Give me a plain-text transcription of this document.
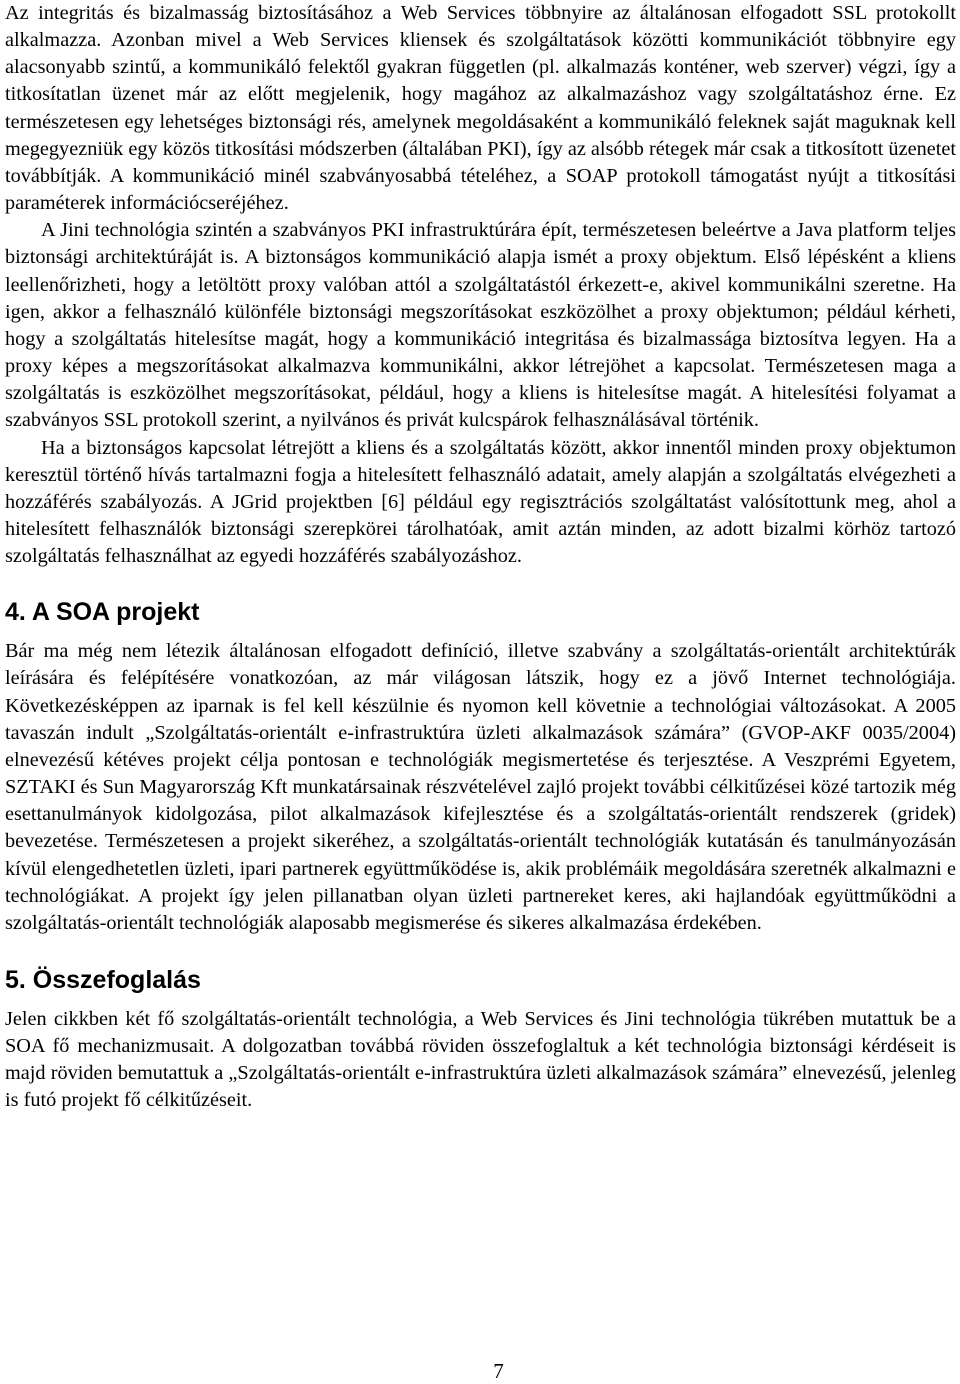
Az integritás és bizalmasság biztosításához a Web Services többnyire az általánosan elfogadott SSL protokollt alkalmazza. Azonban mivel a Web Services kliensek és szolgáltatások közötti kommunikációt többnyire egy alacsonyabb szintű, a kommunikáló felektől gyakran független (pl. alkalmazás konténer, web szerver) végzi, így a titkosítatlan üzenet már az előtt megjelenik, hogy magához az alkalmazáshoz vagy szolgáltatáshoz érne. Ez természetesen egy lehetséges biztonsági rés, amelynek megoldásaként a kommunikáló feleknek saját maguknak kell megegyezniük egy közös titkosítási módszerben (általában PKI), így az alsóbb rétegek már csak a titkosított üzenetet továbbítják. A kommunikáció minél szabványosabbá tételéhez, a SOAP protokoll támogatást nyújt a titkosítási paraméterek információcseréjéhez.

A Jini technológia szintén a szabványos PKI infrastruktúrára épít, természetesen beleértve a Java platform teljes biztonsági architektúráját is. A biztonságos kommunikáció alapja ismét a proxy objektum. Első lépésként a kliens leellenőrizheti, hogy a letöltött proxy valóban attól a szolgáltatástól érkezett-e, akivel kommunikálni szeretne. Ha igen, akkor a felhasználó különféle biztonsági megszorításokat eszközölhet a proxy objektumon; például kérheti, hogy a szolgáltatás hitelesítse magát, hogy a kommunikáció integritása és bizalmassága biztosítva legyen. Ha a proxy képes a megszorításokat alkalmazva kommunikálni, akkor létrejöhet a kapcsolat. Természetesen maga a szolgáltatás is eszközölhet megszorításokat, például, hogy a kliens is hitelesítse magát. A hitelesítési folyamat a szabványos SSL protokoll szerint, a nyilvános és privát kulcspárok felhasználásával történik.

Ha a biztonságos kapcsolat létrejött a kliens és a szolgáltatás között, akkor innentől minden proxy objektumon keresztül történő hívás tartalmazni fogja a hitelesített felhasználó adatait, amely alapján a szolgáltatás elvégezheti a hozzáférés szabályozás. A JGrid projektben [6] például egy regisztrációs szolgáltatást valósítottunk meg, ahol a hitelesített felhasználók biztonsági szerepkörei tárolhatóak, amit aztán minden, az adott bizalmi körhöz tartozó szolgáltatás felhasználhat az egyedi hozzáférés szabályozáshoz.

4. A SOA projekt

Bár ma még nem létezik általánosan elfogadott definíció, illetve szabvány a szolgáltatás-orientált architektúrák leírására és felépítésére vonatkozóan, az már világosan látszik, hogy ez a jövő Internet technológiája. Következésképpen az iparnak is fel kell készülnie és nyomon kell követnie a technológiai változásokat. A 2005 tavaszán indult „Szolgáltatás-orientált e-infrastruktúra üzleti alkalmazások számára” (GVOP-AKF 0035/2004) elnevezésű kétéves projekt célja pontosan e technológiák megismertetése és terjesztése. A Veszprémi Egyetem, SZTAKI és Sun Magyarország Kft munkatársainak részvételével zajló projekt további célkitűzései közé tartozik még esettanulmányok kidolgozása, pilot alkalmazások kifejlesztése és a szolgáltatás-orientált rendszerek (gridek) bevezetése. Természetesen a projekt sikeréhez, a szolgáltatás-orientált technológiák kutatásán és tanulmányozásán kívül elengedhetetlen üzleti, ipari partnerek együttműködése is, akik problémáik megoldására szeretnék alkalmazni e technológiákat. A projekt így jelen pillanatban olyan üzleti partnereket keres, aki hajlandóak együttműködni a szolgáltatás-orientált technológiák alaposabb megismerése és sikeres alkalmazása érdekében.

5. Összefoglalás

Jelen cikkben két fő szolgáltatás-orientált technológia, a Web Services és Jini technológia tükrében mutattuk be a SOA fő mechanizmusait. A dolgozatban továbbá röviden összefoglaltuk a két technológia biztonsági kérdéseit is majd röviden bemutattuk a „Szolgáltatás-orientált e-infrastruktúra üzleti alkalmazások számára” elnevezésű, jelenleg is futó projekt fő célkitűzéseit.

7
